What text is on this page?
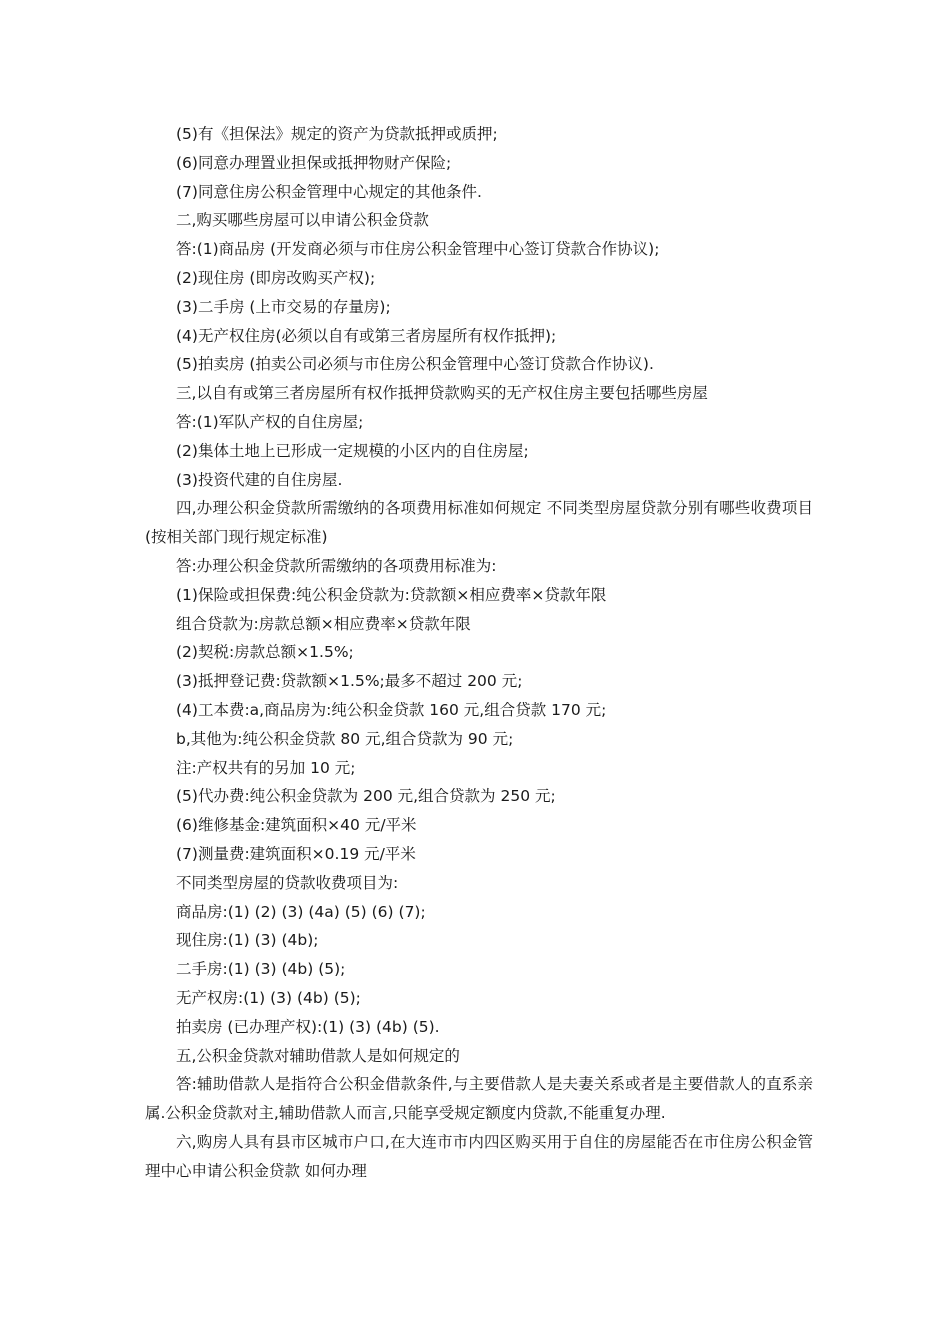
(5)有《担保法》规定的资产为贷款抵押或质押;

(6)同意办理置业担保或抵押物财产保险;

(7)同意住房公积金管理中心规定的其他条件.

二,购买哪些房屋可以申请公积金贷款

答:(1)商品房 (开发商必须与市住房公积金管理中心签订贷款合作协议);

(2)现住房 (即房改购买产权);

(3)二手房 (上市交易的存量房);

(4)无产权住房(必须以自有或第三者房屋所有权作抵押);

(5)拍卖房 (拍卖公司必须与市住房公积金管理中心签订贷款合作协议).

三,以自有或第三者房屋所有权作抵押贷款购买的无产权住房主要包括哪些房屋

答:(1)军队产权的自住房屋;

(2)集体土地上已形成一定规模的小区内的自住房屋;

(3)投资代建的自住房屋.

四,办理公积金贷款所需缴纳的各项费用标准如何规定 不同类型房屋贷款分别有哪些收费项目 (按相关部门现行规定标准)

答:办理公积金贷款所需缴纳的各项费用标准为:

(1)保险或担保费:纯公积金贷款为:贷款额×相应费率×贷款年限

组合贷款为:房款总额×相应费率×贷款年限

(2)契税:房款总额×1.5%;

(3)抵押登记费:贷款额×1.5%;最多不超过 200 元;

(4)工本费:a,商品房为:纯公积金贷款 160 元,组合贷款 170 元;

b,其他为:纯公积金贷款 80 元,组合贷款为 90 元;

注:产权共有的另加 10 元;

(5)代办费:纯公积金贷款为 200 元,组合贷款为 250 元;

(6)维修基金:建筑面积×40 元/平米

(7)测量费:建筑面积×0.19 元/平米

不同类型房屋的贷款收费项目为:

商品房:(1) (2) (3) (4a) (5) (6) (7);

现住房:(1) (3) (4b);

二手房:(1) (3) (4b) (5);

无产权房:(1) (3) (4b) (5);

拍卖房 (已办理产权):(1) (3) (4b) (5).

五,公积金贷款对辅助借款人是如何规定的

答:辅助借款人是指符合公积金借款条件,与主要借款人是夫妻关系或者是主要借款人的直系亲属.公积金贷款对主,辅助借款人而言,只能享受规定额度内贷款,不能重复办理.

六,购房人具有县市区城市户口,在大连市市内四区购买用于自住的房屋能否在市住房公积金管理中心申请公积金贷款 如何办理
